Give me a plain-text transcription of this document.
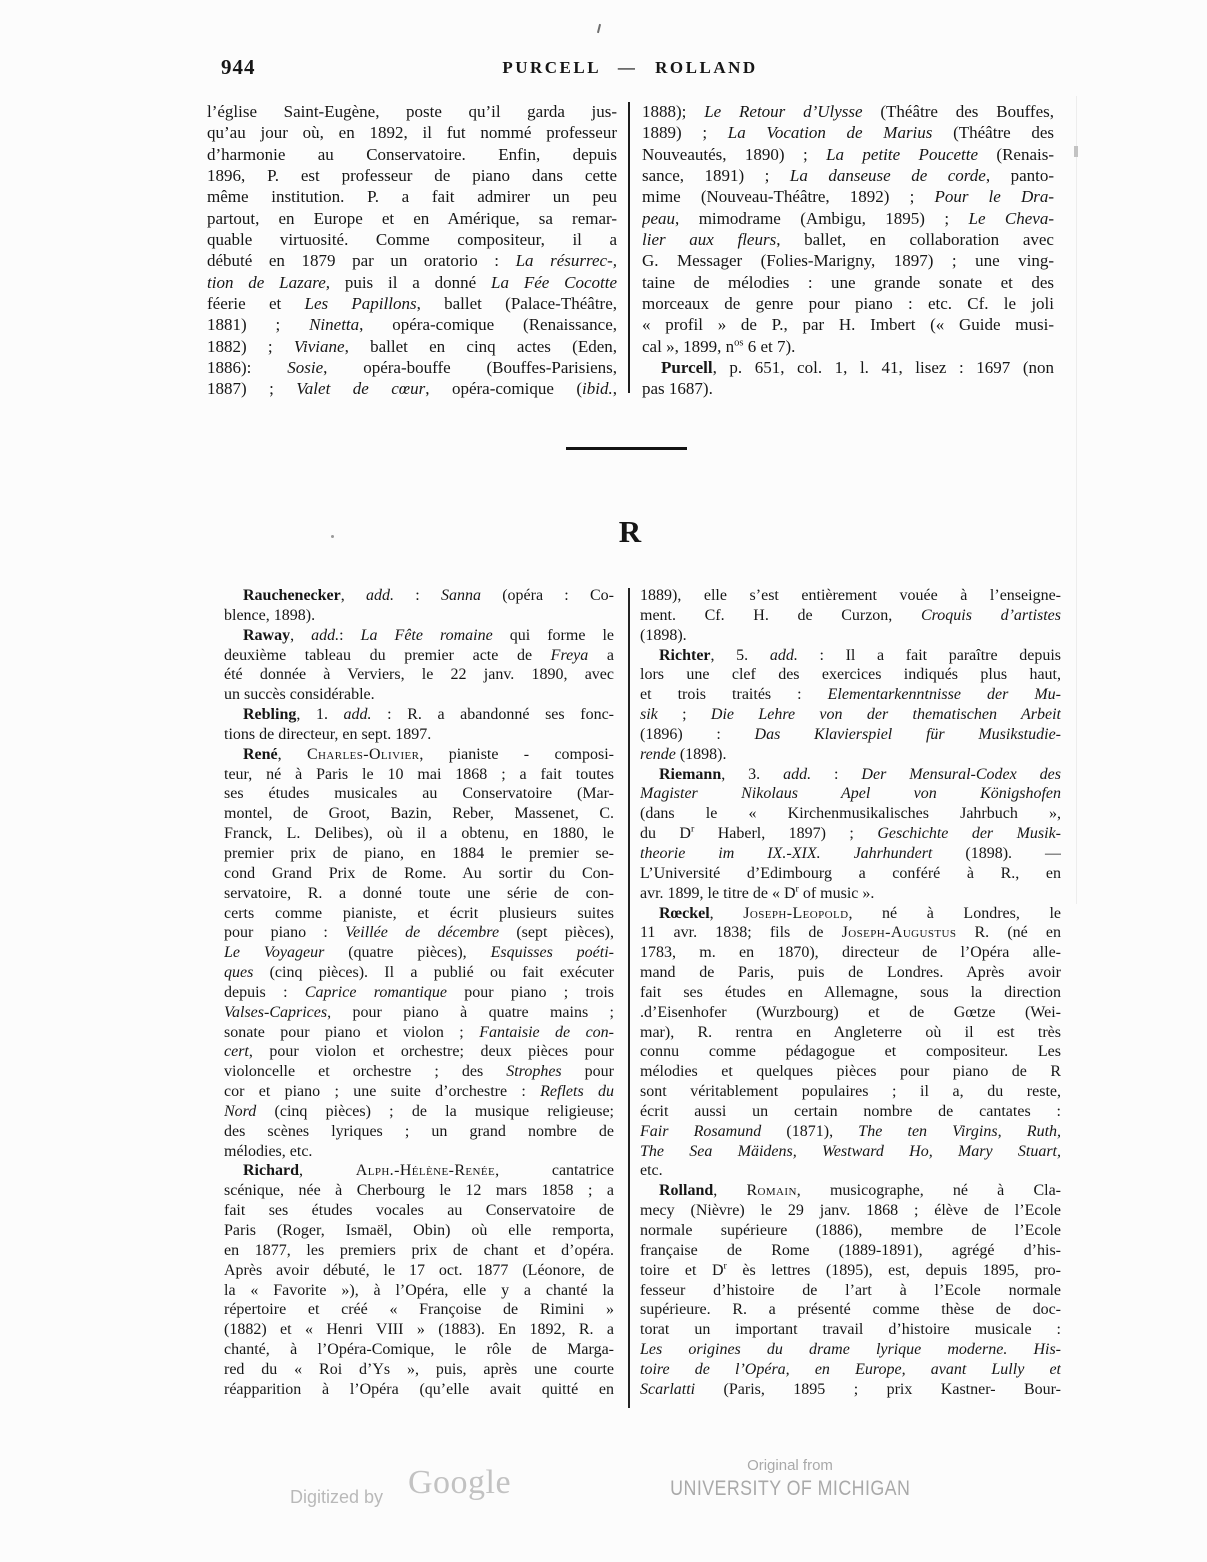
944	PURCELL — ROLLAND
l’église Saint-Eugène, poste qu’il garda jus-
qu’au jour où, en 1892, il fut nommé professeur
d’harmonie au Conservatoire. Enfin, depuis
1896, P. est professeur de piano dans cette
même institution. P. a fait admirer un peu
partout, en Europe et en Amérique, sa remar-
quable virtuosité. Comme compositeur, il a
débuté en 1879 par un oratorio : La résurrec-,
tion de Lazare, puis il a donné La Fée Cocotte
féerie et Les Papillons, ballet (Palace-Théâtre,
1881) ; Ninetta, opéra-comique (Renaissance,
1882) ; Viviane, ballet en cinq actes (Eden,
1886): Sosie, opéra-bouffe (Bouffes-Parisiens,
1887) ; Valet de cœur, opéra-comique (ibid.,
1888); Le Retour d’Ulysse (Théâtre des Bouffes,
1889) ; La Vocation de Marius (Théâtre des
Nouveautés, 1890) ; La petite Poucette (Renais-
sance, 1891) ; La danseuse de corde, panto-
mime (Nouveau-Théâtre, 1892) ; Pour le Dra-
peau, mimodrame (Ambigu, 1895) ; Le Cheva-
lier aux fleurs, ballet, en collaboration avec
G. Messager (Folies-Marigny, 1897) ; une ving-
taine de mélodies : une grande sonate et des
morceaux de genre pour piano : etc. Cf. le joli
« profil » de P., par H. Imbert (« Guide musi-
cal », 1899, $n^{os}$ 6 et 7).
Purcell, p. 651, col. 1, l. 41, lisez : 1697 (non
pas 1687).
R
Rauchenecker, add. : Sanna (opéra : Co-
blence, 1898).
Raway, add.: La Fête romaine qui forme le
deuxième tableau du premier acte de Freya a
été donnée à Verviers, le 22 janv. 1890, avec
un succès considérable.
Rebling, 1. add. : R. a abandonné ses fonc-
tions de directeur, en sept. 1897.
René, Charles-Olivier, pianiste - composi-
teur, né à Paris le 10 mai 1868 ; a fait toutes
ses études musicales au Conservatoire (Mar-
montel, de Groot, Bazin, Reber, Massenet, C.
Franck, L. Delibes), où il a obtenu, en 1880, le
premier prix de piano, en 1884 le premier se-
cond Grand Prix de Rome. Au sortir du Con-
servatoire, R. a donné toute une série de con-
certs comme pianiste, et écrit plusieurs suites
pour piano : Veillée de décembre (sept pièces),
Le Voyageur (quatre pièces), Esquisses poéti-
ques (cinq pièces). Il a publié ou fait exécuter
depuis : Caprice romantique pour piano ; trois
Valses-Caprices, pour piano à quatre mains ;
sonate pour piano et violon ; Fantaisie de con-
cert, pour violon et orchestre; deux pièces pour
violoncelle et orchestre ; des Strophes pour
cor et piano ; une suite d’orchestre : Reflets du
Nord (cinq pièces) ; de la musique religieuse;
des scènes lyriques ; un grand nombre de
mélodies, etc.
Richard, Alph.-Hélène-Renée, cantatrice
scénique, née à Cherbourg le 12 mars 1858 ; a
fait ses études vocales au Conservatoire de
Paris (Roger, Ismaël, Obin) où elle remporta,
en 1877, les premiers prix de chant et d’opéra.
Après avoir débuté, le 17 oct. 1877 (Léonore, de
la « Favorite »), à l’Opéra, elle y a chanté la
répertoire et créé « Françoise de Rimini »
(1882) et « Henri VIII » (1883). En 1892, R. a
chanté, à l’Opéra-Comique, le rôle de Marga-
red du « Roi d’Ys », puis, après une courte
réapparition à l’Opéra (qu’elle avait quitté en
1889), elle s’est entièrement vouée à l’enseigne-
ment. Cf. H. de Curzon, Croquis d’artistes
(1898).
Richter, 5. add. : Il a fait paraître depuis
lors une clef des exercices indiqués plus haut,
et trois traités : Elementarkenntnisse der Mu-
sik ; Die Lehre von der thematischen Arbeit
(1896) : Das Klavierspiel für Musikstudie-
rende (1898).
Riemann, 3. add. : Der Mensural-Codex des
Magister Nikolaus Apel von Königshofen
(dans le « Kirchenmusikalisches Jahrbuch »,
du $D^r$ Haberl, 1897) ; Geschichte der Musik-
theorie im IX.-XIX. Jahrhundert (1898). —
L’Université d’Edimbourg a conféré à R., en
avr. 1899, le titre de « $D^r$ of music ».
Rœckel, Joseph-Leopold, né à Londres, le
11 avr. 1838; fils de Joseph-Augustus R. (né en
1783, m. en 1870), directeur de l’Opéra alle-
mand de Paris, puis de Londres. Après avoir
fait ses études en Allemagne, sous la direction
.d’Eisenhofer (Wurzbourg) et de Gœtze (Wei-
mar), R. rentra en Angleterre où il est très
connu comme pédagogue et compositeur. Les
mélodies et quelques pièces pour piano de R
sont véritablement populaires ; il a, du reste,
écrit aussi un certain nombre de cantates :
Fair Rosamund (1871), The ten Virgins, Ruth,
The Sea Mäidens, Westward Ho, Mary Stuart,
etc.
Rolland, Romain, musicographe, né à Cla-
mecy (Nièvre) le 29 janv. 1868 ; élève de l’Ecole
normale supérieure (1886), membre de l’Ecole
française de Rome (1889-1891), agrégé d’his-
toire et $D^r$ ès lettres (1895), est, depuis 1895, pro-
fesseur d’histoire de l’art à l’Ecole normale
supérieure. R. a présenté comme thèse de doc-
torat un important travail d’histoire musicale :
Les origines du drame lyrique moderne. His-
toire de l’Opéra, en Europe, avant Lully et
Scarlatti (Paris, 1895 ; prix Kastner- Bour-
Digitized by Google	Original from
UNIVERSITY OF MICHIGAN
